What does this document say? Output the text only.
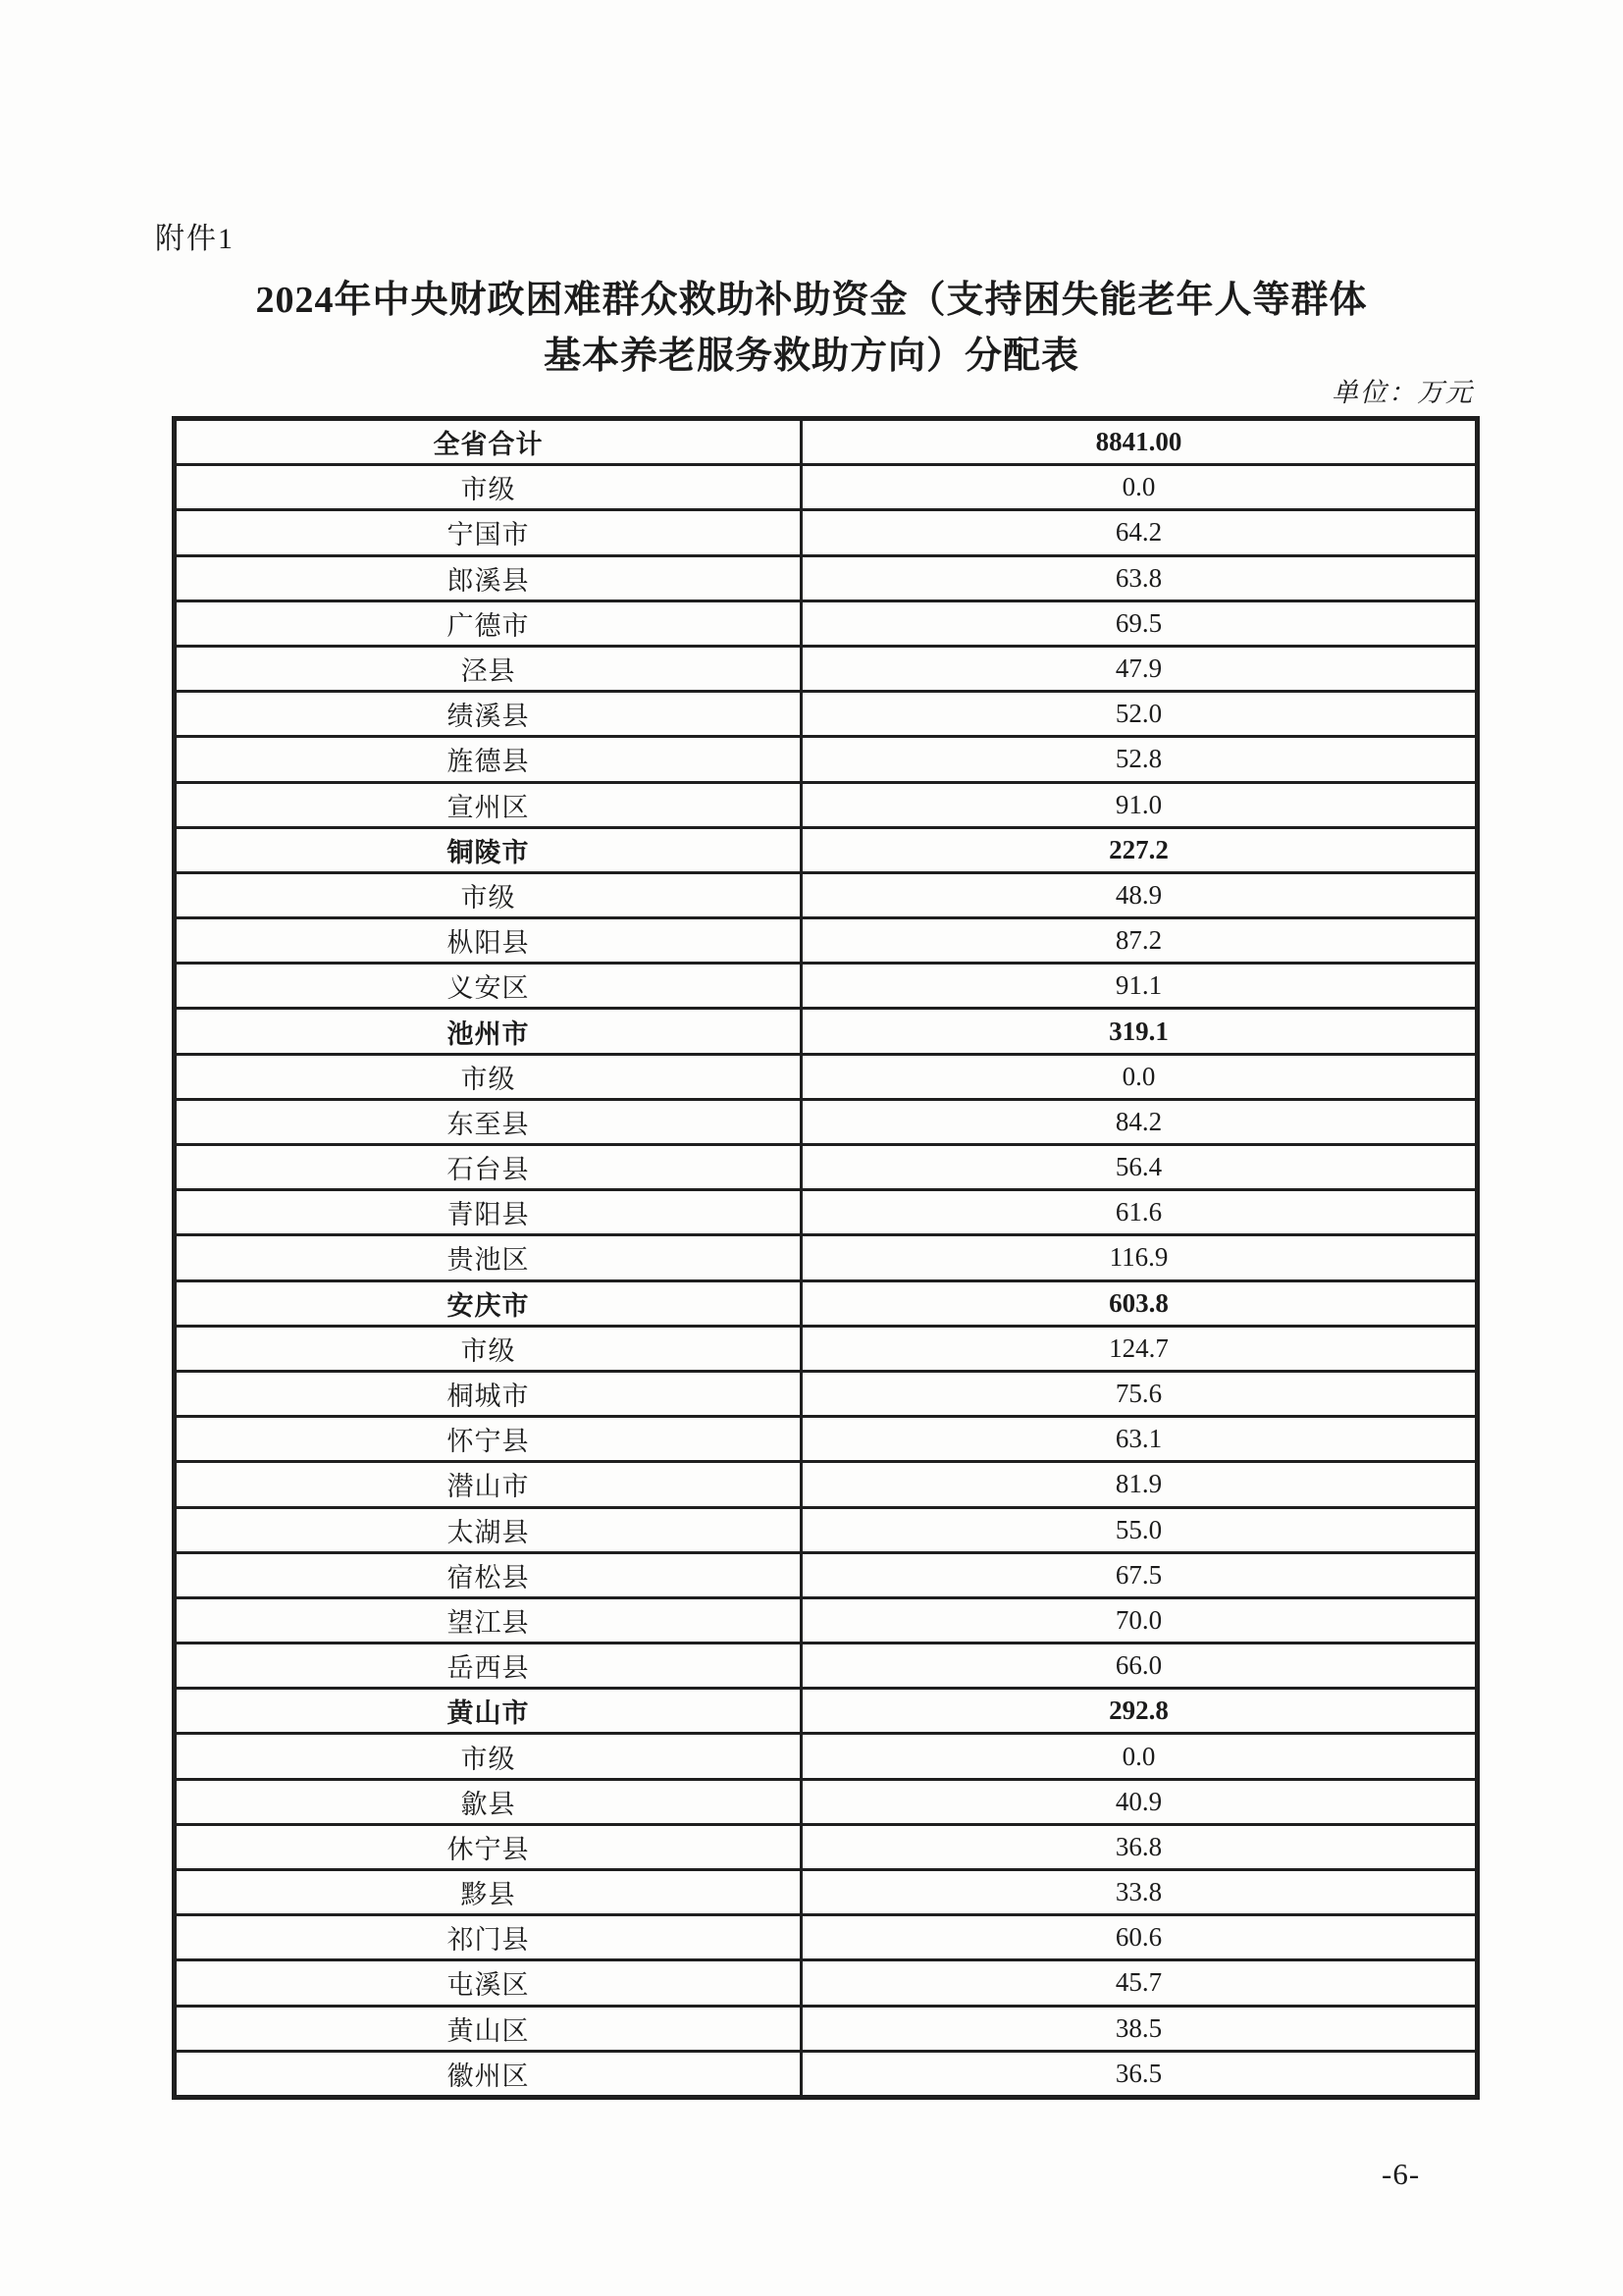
附件1
2024年中央财政困难群众救助补助资金（支持困失能老年人等群体
基本养老服务救助方向）分配表
单位：万元
全省合计	8841.00
市级	0.0
宁国市	64.2
郎溪县	63.8
广德市	69.5
泾县	47.9
绩溪县	52.0
旌德县	52.8
宣州区	91.0
铜陵市	227.2
市级	48.9
枞阳县	87.2
义安区	91.1
池州市	319.1
市级	0.0
东至县	84.2
石台县	56.4
青阳县	61.6
贵池区	116.9
安庆市	603.8
市级	124.7
桐城市	75.6
怀宁县	63.1
潜山市	81.9
太湖县	55.0
宿松县	67.5
望江县	70.0
岳西县	66.0
黄山市	292.8
市级	0.0
歙县	40.9
休宁县	36.8
黟县	33.8
祁门县	60.6
屯溪区	45.7
黄山区	38.5
徽州区	36.5
-6-
